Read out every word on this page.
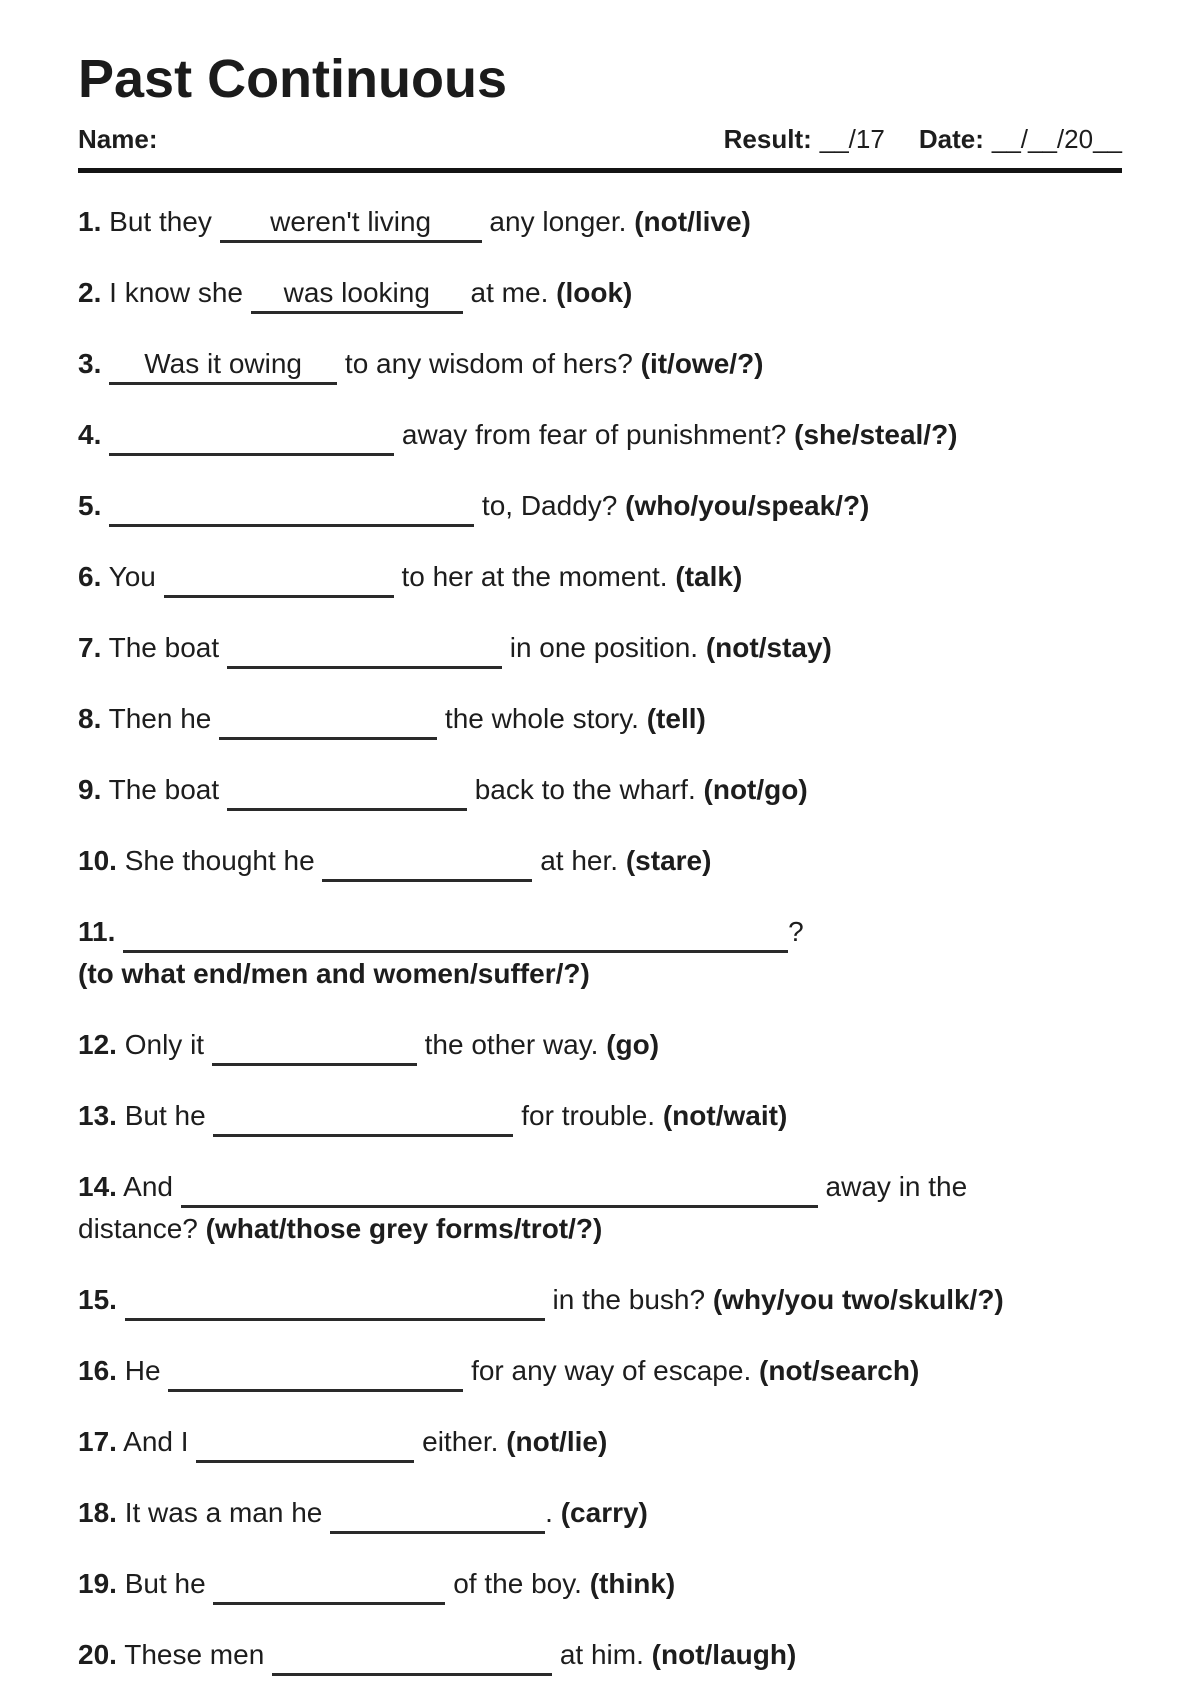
Past Continuous
Name:	Result: __/17 Date: __/__/20__
1. But they weren't living any longer. (not/live)
2. I know she was looking at me. (look)
3. Was it owing to any wisdom of hers? (it/owe/?)
4.	away from fear of punishment? (she/steal/?)
5.	to, Daddy? (who/you/speak/?)
6. You	to her at the moment. (talk)
7. The boat	in one position. (not/stay)
8. Then he	the whole story. (tell)
9. The boat	back to the wharf. (not/go)
10. She thought he	at her. (stare)
11.	?
(to what end/men and women/suffer/?)
12. Only it	the other way. (go)
13. But he	for trouble. (not/wait)
14. And	away in the
distance? (what/those grey forms/trot/?)
15.	in the bush? (why/you two/skulk/?)
16. He	for any way of escape. (not/search)
17. And I	either. (not/lie)
18. It was a man he	. (carry)
19. But he	of the boy. (think)
20. These men	at him. (not/laugh)
